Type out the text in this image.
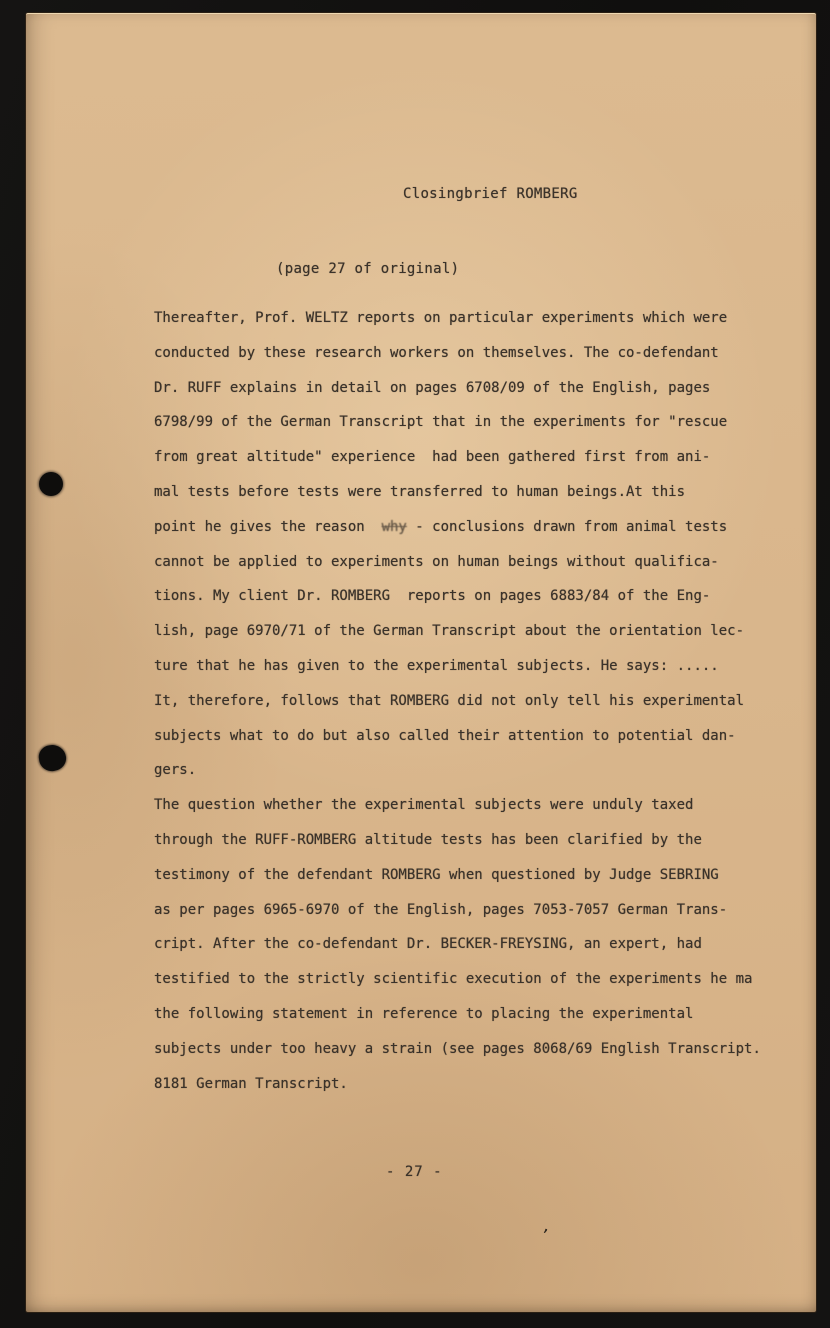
Closingbrief ROMBERG
(page 27 of original)
Thereafter, Prof. WELTZ reports on particular experiments which were
conducted by these research workers on themselves. The co-defendant
Dr. RUFF explains in detail on pages 6708/09 of the English, pages
6798/99 of the German Transcript that in the experiments for "rescue
from great altitude" experience  had been gathered first from ani-
mal tests before tests were transferred to human beings.At this
point he gives the reason  why - conclusions drawn from animal tests
cannot be applied to experiments on human beings without qualifica-
tions. My client Dr. ROMBERG  reports on pages 6883/84 of the Eng-
lish, page 6970/71 of the German Transcript about the orientation lec-
ture that he has given to the experimental subjects. He says: .....
It, therefore, follows that ROMBERG did not only tell his experimental
subjects what to do but also called their attention to potential dan-
gers.
The question whether the experimental subjects were unduly taxed
through the RUFF-ROMBERG altitude tests has been clarified by the
testimony of the defendant ROMBERG when questioned by Judge SEBRING
as per pages 6965-6970 of the English, pages 7053-7057 German Trans-
cript. After the co-defendant Dr. BECKER-FREYSING, an expert, had
testified to the strictly scientific execution of the experiments he ma
the following statement in reference to placing the experimental
subjects under too heavy a strain (see pages 8068/69 English Transcript.
8181 German Transcript.
- 27 -
’
